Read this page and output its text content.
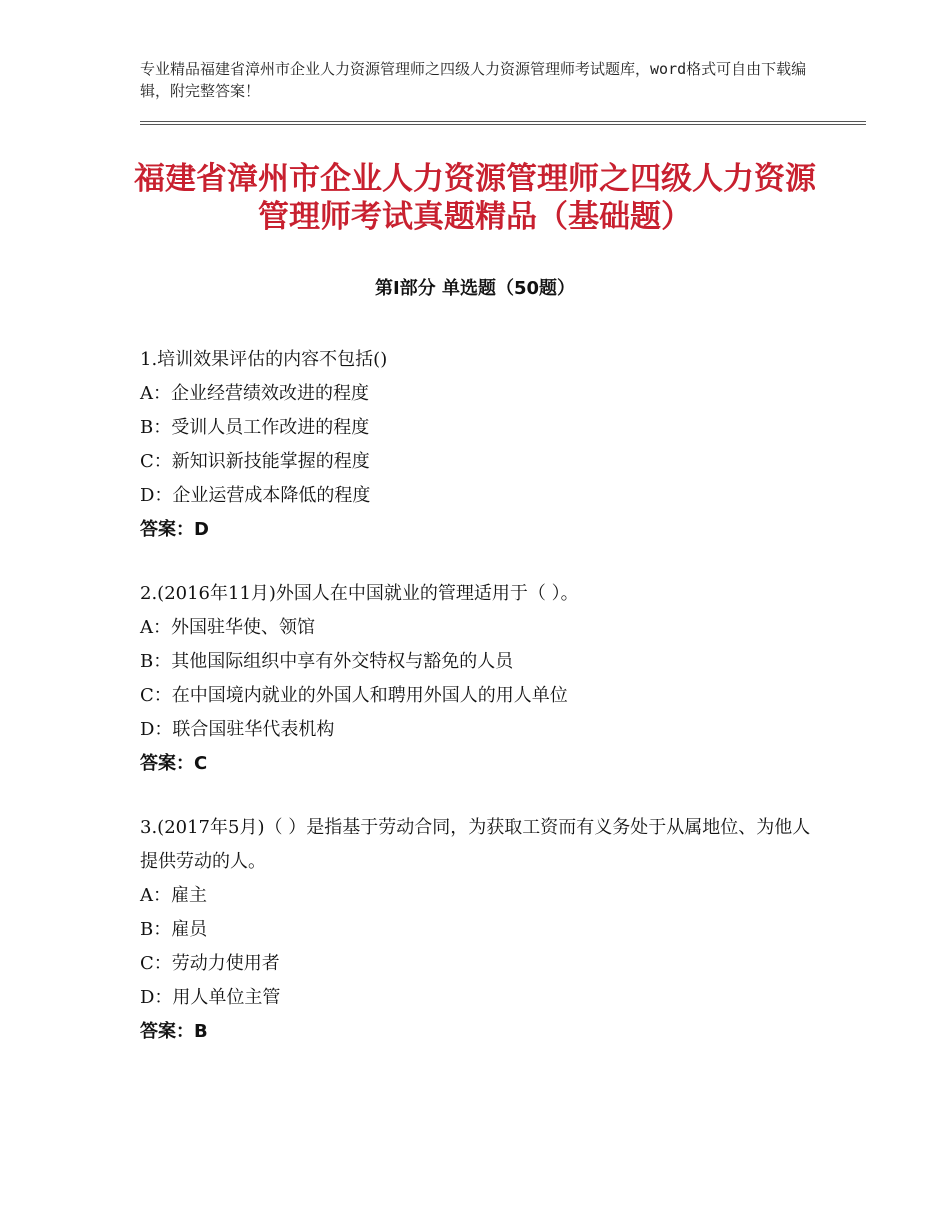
专业精品福建省漳州市企业人力资源管理师之四级人力资源管理师考试题库，word格式可自由下载编辑，附完整答案！
福建省漳州市企业人力资源管理师之四级人力资源管理师考试真题精品（基础题）
第Ⅰ部分 单选题（50题）

1.培训效果评估的内容不包括()

A：企业经营绩效改进的程度
B：受训人员工作改进的程度
C：新知识新技能掌握的程度
D：企业运营成本降低的程度
答案：D

2.(2016年11月)外国人在中国就业的管理适用于（ ）。

A：外国驻华使、领馆
B：其他国际组织中享有外交特权与豁免的人员
C：在中国境内就业的外国人和聘用外国人的用人单位
D：联合国驻华代表机构
答案：C

3.(2017年5月)（ ）是指基于劳动合同，为获取工资而有义务处于从属地位、为他人提供劳动的人。

A：雇主
B：雇员
C：劳动力使用者
D：用人单位主管
答案：B
